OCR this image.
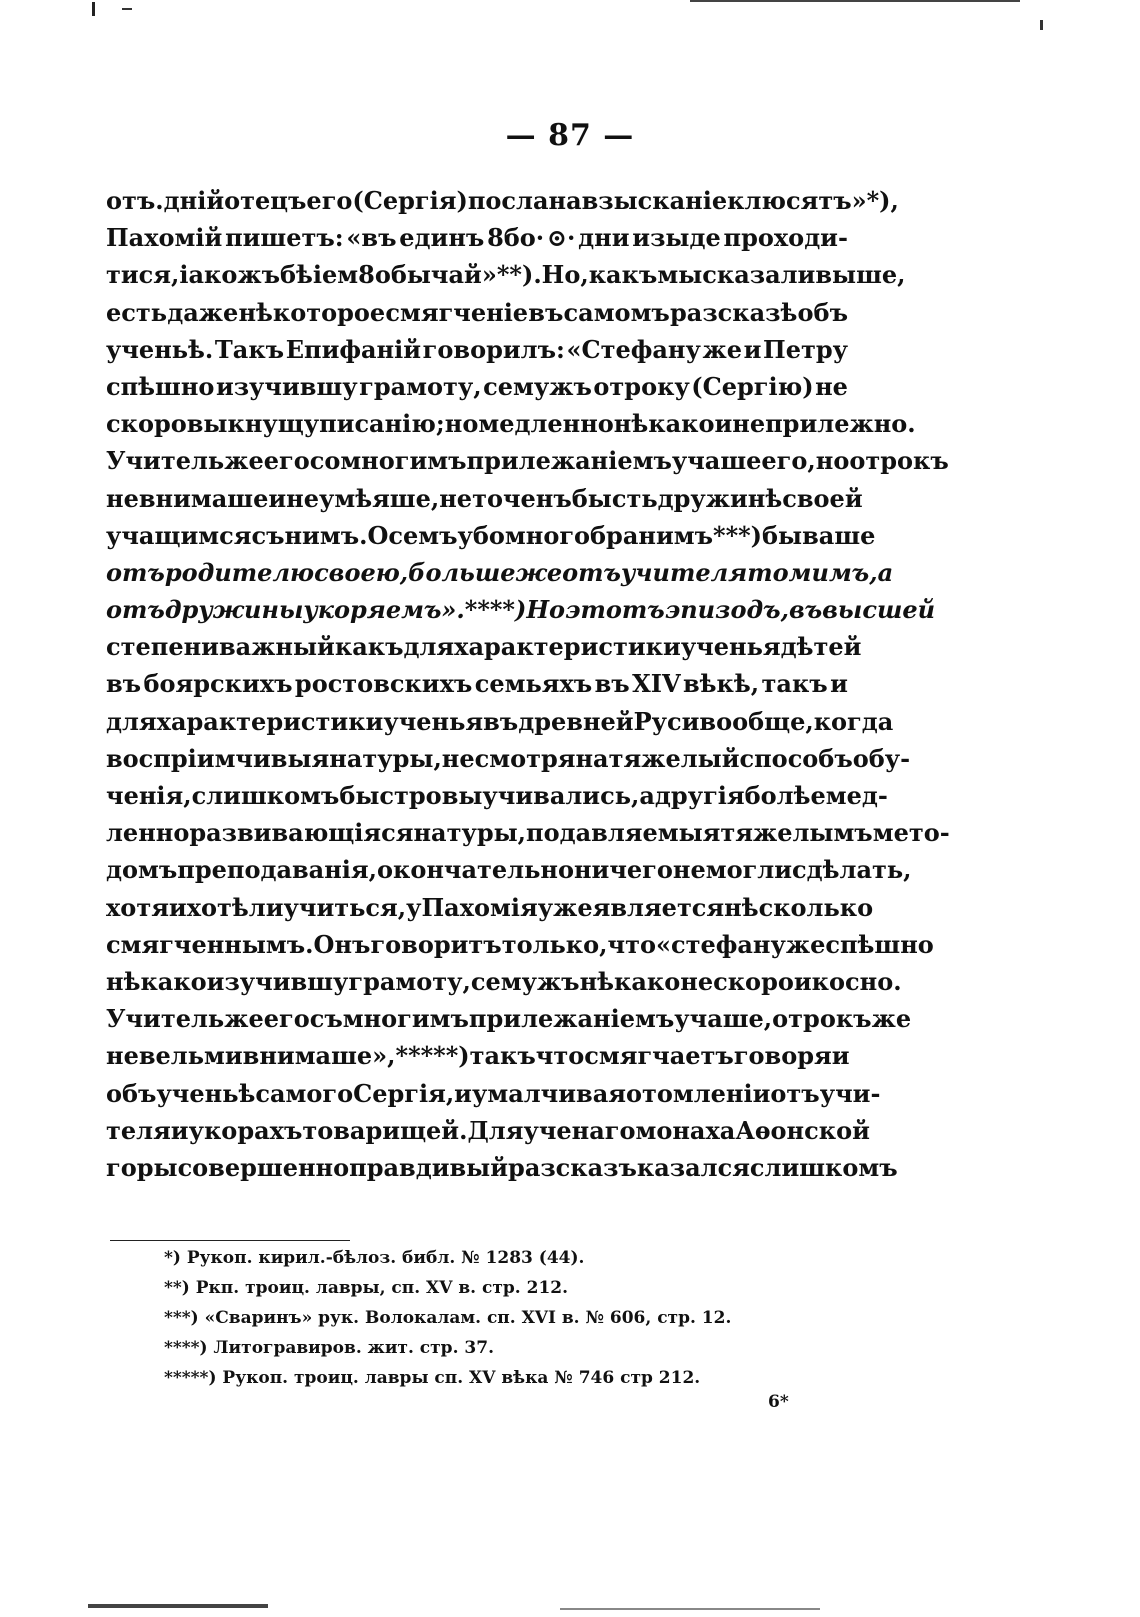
— 87 —
отъ.дній отецъ его (Сергія) посла на взысканіе клюсятъ» *),
Пахомій пишетъ: «въ единъ 8бо· ⊙· дни изыде проходи-
тися, іакожъ бѣ іем8 обычай» **). Но, какъ мы сказали выше,
есть даже нѣкоторое смягченіе въ самомъ разсказѣ объ
ученьѣ. Такъ Епифаній говорилъ: «Стефану же и Петру
спѣшно изучившу грамоту, семужъ отроку (Сергію) не
скоро выкнущу писанію; но медленно нѣкако и неприлежно.
Учитель же его со многимъ прилежаніемъ учаше его, но отрокъ
невнимаше и неумѣяше, не точенъ бысть дружинѣ своей
учащимся съ нимъ. О семъ убо много бранимъ***) бываше
отъ родителю своею, больше же отъ учителя томимъ, а
отъ дружины укоряемъ».****) Но этотъ эпизодъ, въ высшей
степени важный какъ для характеристики ученья дѣтей
въ боярскихъ ростовскихъ семьяхъ въ XIV вѣкѣ, такъ и
для характеристики ученья въ древней Руси вообще, когда
воспріимчивыя натуры, несмотря на тяжелый способъ обу-
ченія, слишкомъ быстро выучивались, а другія болѣе мед-
ленно развивающіяся натуры, подавляемыя тяжелымъ мето-
домъ преподаванія, окончательно ничего не могли сдѣлать,
хотя и хотѣли учиться, у Пахомія уже является нѣсколько
смягченнымъ. Онъ говоритъ только, что «стефану же спѣшно
нѣкако изучившу грамоту, семужъ нѣкако не скоро и косно.
Учитель же его съ многимъ прилежаніемъ учаше, отрокъ же
не вельми внимаше»,*****) такъ что смягчаетъ говоря и
объ ученьѣ самого Сергія, и умалчивая о томленіи отъ учи-
теля и укорахъ товарищей. Для ученаго монаха Аѳонской
горы совершенно правдивый разсказъ казался слишкомъ
*) Рукоп. кирил.-бѣлоз. библ. № 1283 (44).
**) Ркп. троиц. лавры, сп. XV в. стр. 212.
***) «Сваринъ» рук. Волокалам. сп. XVI в. № 606, стр. 12.
****) Литогравиров. жит. стр. 37.
*****) Рукоп. троиц. лавры сп. XV вѣка № 746 стр 212.
6*
